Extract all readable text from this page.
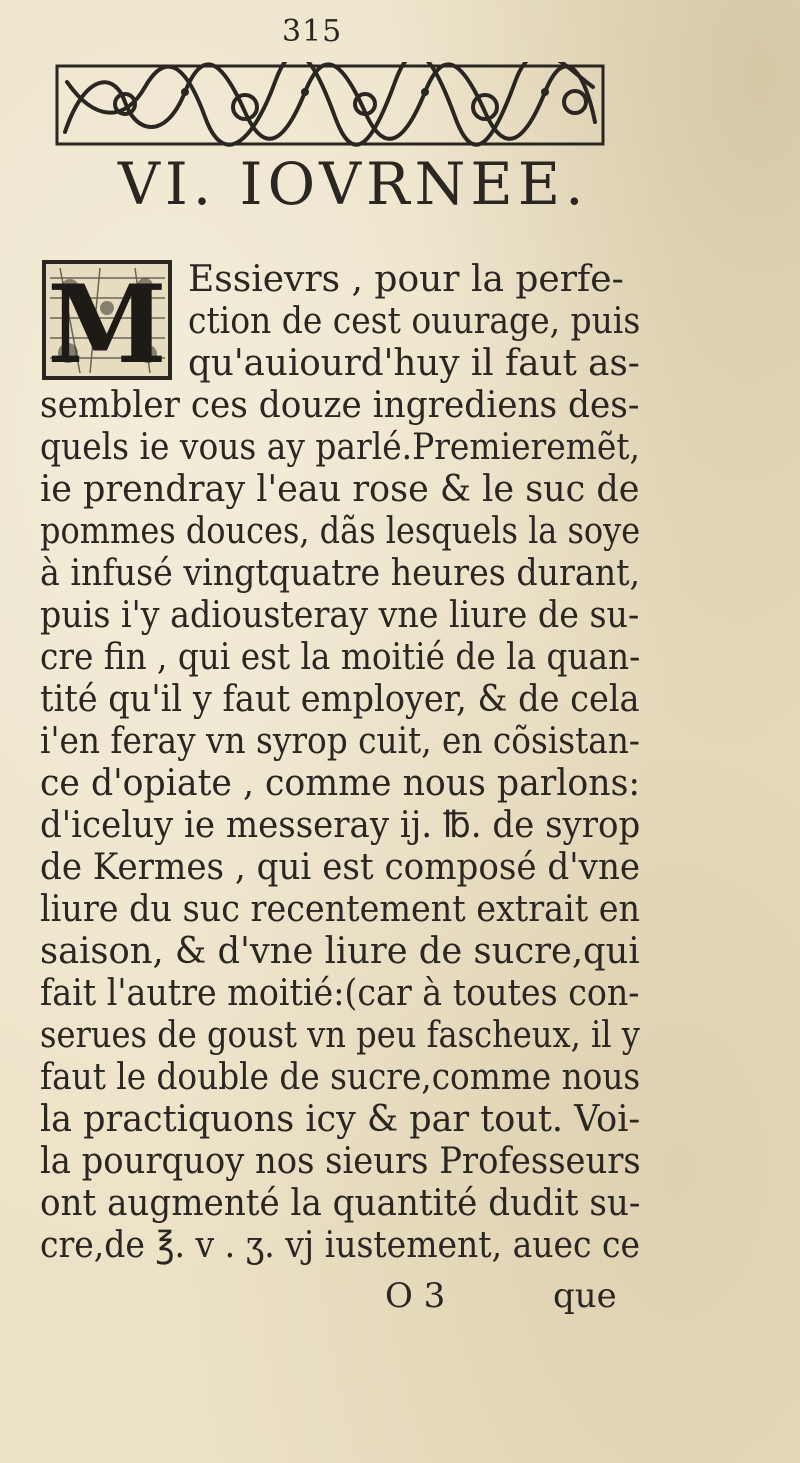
315
VI. IOVRNEE.
M Essievrs , pour la perfe-
ction de cest ouurage, puis
qu'auiourd'huy il faut as-
sembler ces douze ingrediens des-
quels ie vous ay parlé.Premieremẽt,
ie prendray l'eau rose & le suc de
pommes douces, dãs lesquels la soye
à infusé vingtquatre heures durant,
puis i'y adiousteray vne liure de su-
cre fin , qui est la moitié de la quan-
tité qu'il y faut employer, & de cela
i'en feray vn syrop cuit, en cõsistan-
ce d'opiate , comme nous parlons:
d'iceluy ie messeray ij. ℔. de syrop
de Kermes , qui est composé d'vne
liure du suc recentement extrait en
saison, & d'vne liure de sucre,qui
fait l'autre moitié:(car à toutes con-
serues de goust vn peu fascheux, il y
faut le double de sucre,comme nous
la practiquons icy & par tout. Voi-
la pourquoy nos sieurs Professeurs
ont augmenté la quantité dudit su-
cre,de ℥. v . ʒ. vj iustement, auec ce
O 3	que
